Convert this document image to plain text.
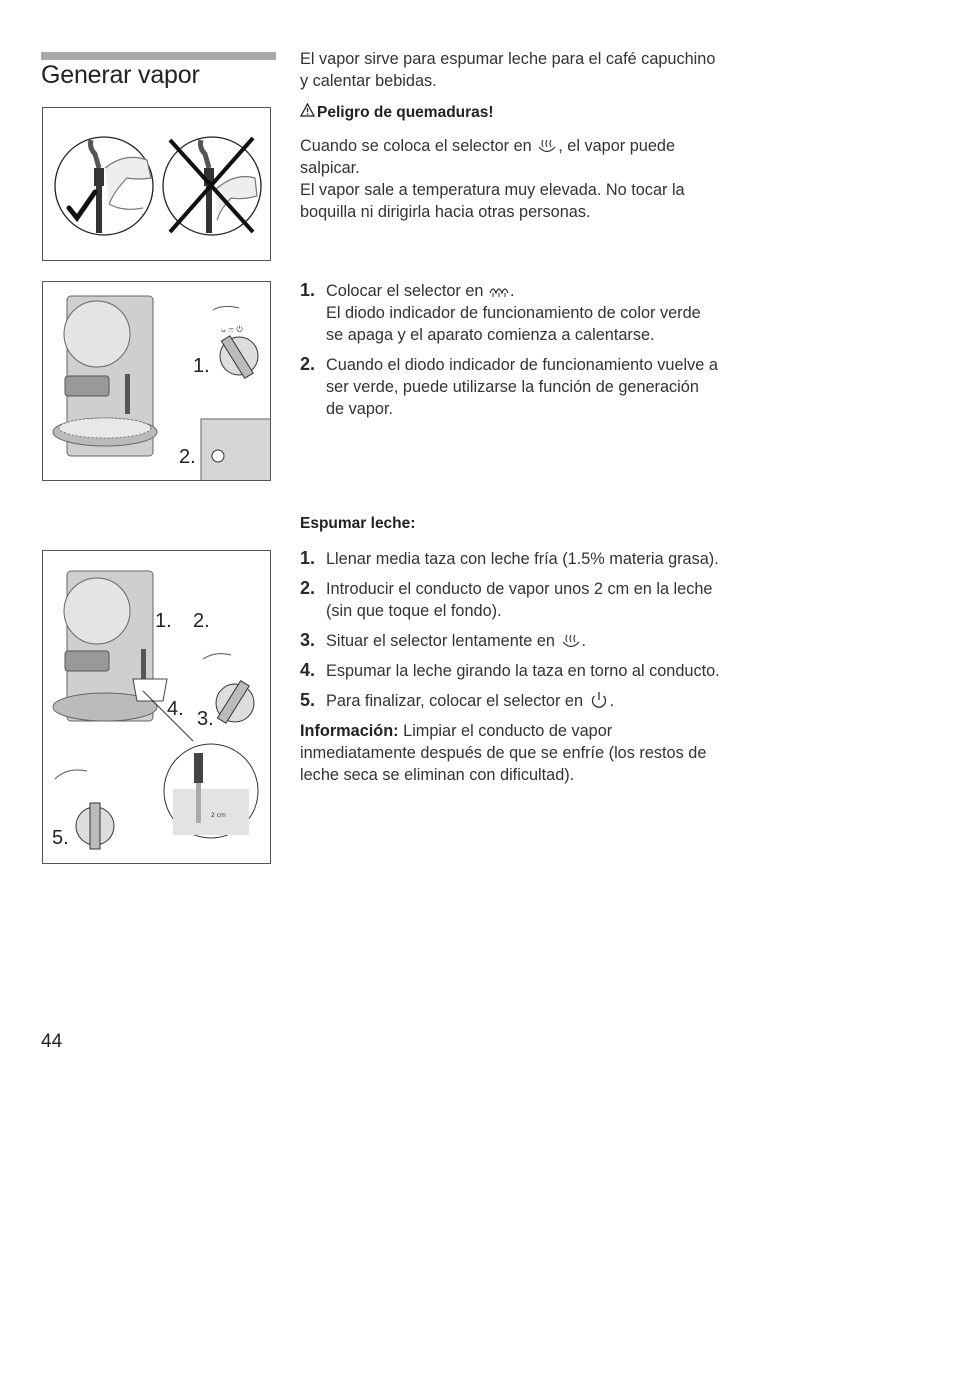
Generar vapor
ᴗ ෆ ⏻
1.
2.
2 cm
1. 2.
3.
4.
5.

El vapor sirve para espumar leche para el café capuchino y calentar bebidas.

Peligro de quemaduras!

Cuando se coloca el selector en , el vapor puede salpicar.

El vapor sale a temperatura muy elevada. No tocar la boquilla ni dirigirla hacia otras personas.

1. Colocar el selector en .
El diodo indicador de funcionamiento de color verde se apaga y el aparato comienza a calentarse.
2. Cuando el diodo indicador de funcionamiento vuelve a ser verde, puede utilizarse la función de generación de vapor.
Espumar leche:
1. Llenar media taza con leche fría (1.5% materia grasa).
2. Introducir el conducto de vapor unos 2 cm en la leche (sin que toque el fondo).
3. Situar el selector lentamente en .
4. Espumar la leche girando la taza en torno al conducto.
5. Para finalizar, colocar el selector en .

Información: Limpiar el conducto de vapor inmediatamente después de que se enfríe (los restos de leche seca se eliminan con dificultad).

44
